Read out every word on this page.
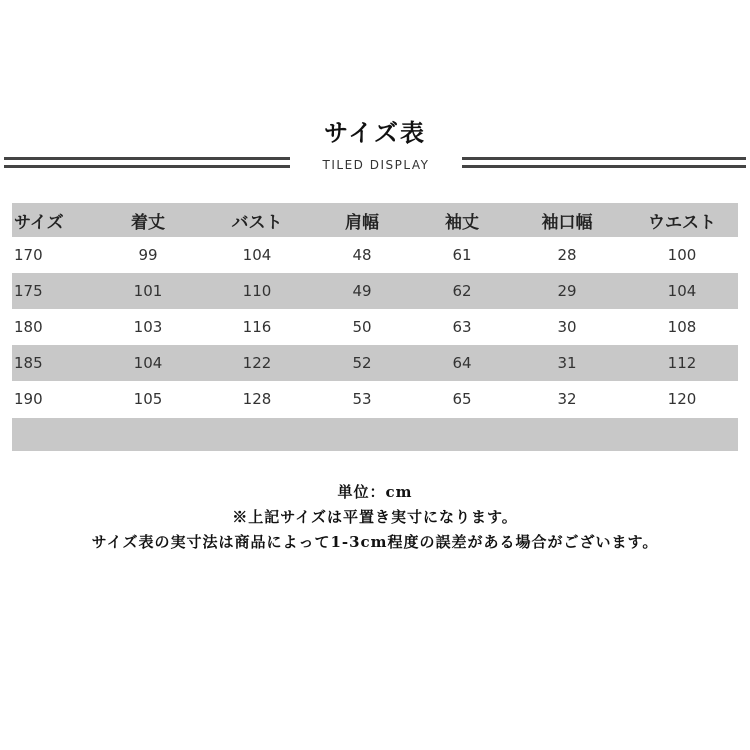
サイズ表
TILED DISPLAY
サイズ	着丈	バスト	肩幅	袖丈	袖口幅	ウエスト
170	99	104	48	61	28	100
175	101	110	49	62	29	104
180	103	116	50	63	30	108
185	104	122	52	64	31	112
190	105	128	53	65	32	120
単位：cm
※上記サイズは平置き実寸になります。
サイズ表の実寸法は商品によって1-3cm程度の誤差がある場合がございます。
